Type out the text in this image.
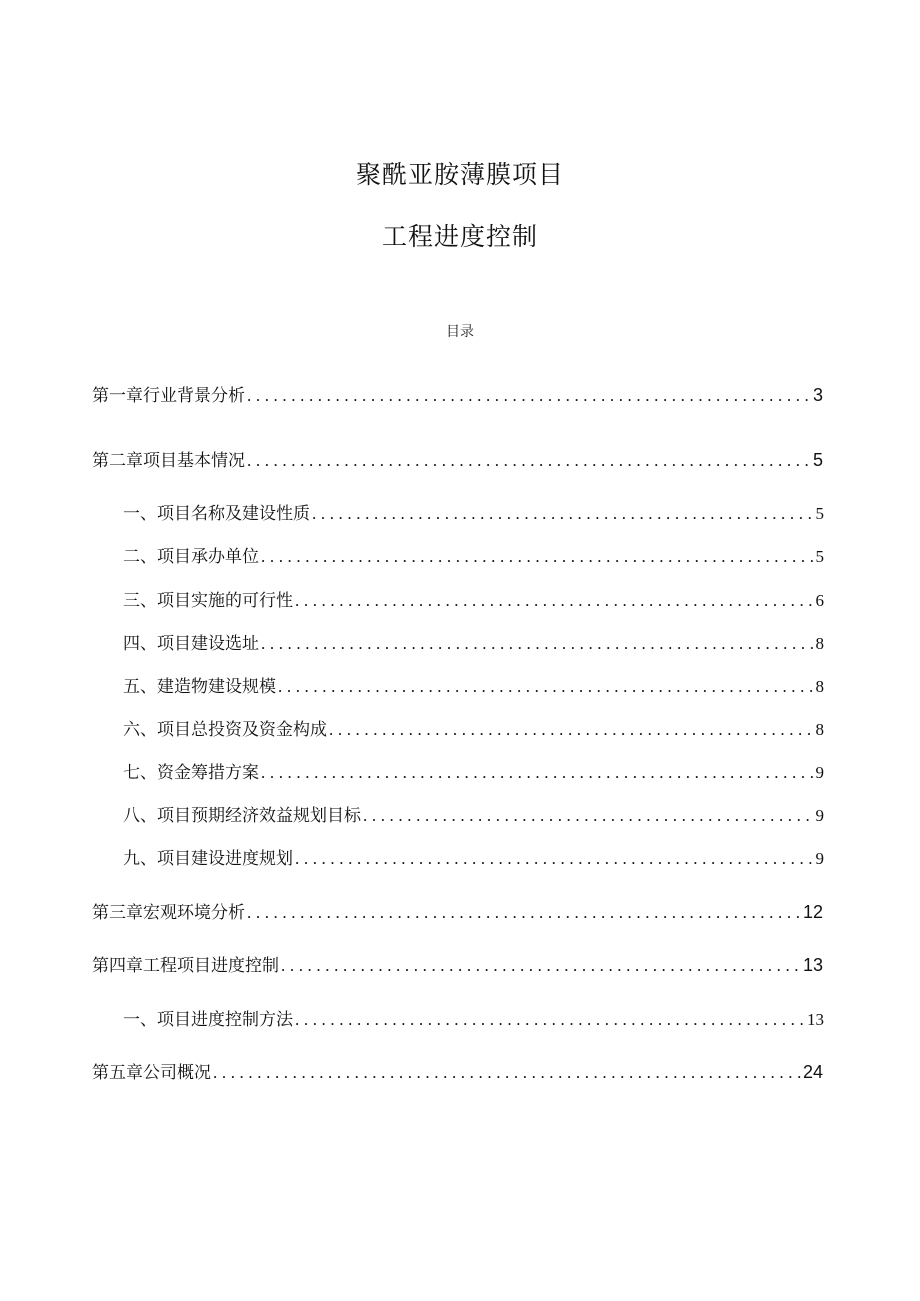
聚酰亚胺薄膜项目
工程进度控制
目录
第一章行业背景分析 .....	3
第二章项目基本情况 .....	5
一、项目名称及建设性质 .....	5
二、项目承办单位 .....	5
三、项目实施的可行性 .....	6
四、项目建设选址 .....	8
五、建造物建设规模 .....	8
六、项目总投资及资金构成 .....	8
七、资金筹措方案 .....	9
八、项目预期经济效益规划目标 .....	9
九、项目建设进度规划 .....	9
第三章宏观环境分析 .....	12
第四章工程项目进度控制 .....	13
一、项目进度控制方法 .....	13
第五章公司概况 .....	24
